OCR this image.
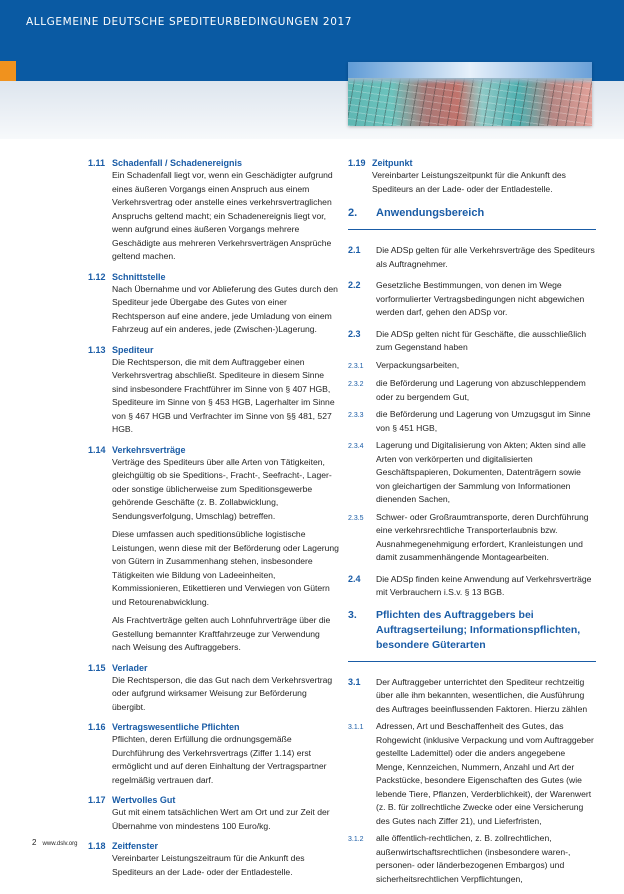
ALLGEMEINE DEUTSCHE SPEDITEURBEDINGUNGEN 2017
1.11 Schadenfall / Schadenereignis

Ein Schadenfall liegt vor, wenn ein Geschädigter aufgrund eines äußeren Vorgangs einen Anspruch aus einem Verkehrsvertrag oder anstelle eines verkehrsvertraglichen Anspruchs geltend macht; ein Schadenereignis liegt vor, wenn aufgrund eines äußeren Vorgangs mehrere Geschädigte aus mehreren Verkehrsverträgen Ansprüche geltend machen.

1.12 Schnittstelle

Nach Übernahme und vor Ablieferung des Gutes durch den Spediteur jede Übergabe des Gutes von einer Rechtsperson auf eine andere, jede Umladung von einem Fahrzeug auf ein anderes, jede (Zwischen-)Lagerung.

1.13 Spediteur

Die Rechtsperson, die mit dem Auftraggeber einen Verkehrsvertrag abschließt. Spediteure in diesem Sinne sind insbesondere Frachtführer im Sinne von § 407 HGB, Spediteure im Sinne von § 453 HGB, Lagerhalter im Sinne von § 467 HGB und Verfrachter im Sinne von §§ 481, 527 HGB.

1.14 Verkehrsverträge

Verträge des Spediteurs über alle Arten von Tätigkeiten, gleichgültig ob sie Speditions-, Fracht-, Seefracht-, Lager- oder sonstige üblicherweise zum Speditionsgewerbe gehörende Geschäfte (z. B. Zollabwicklung, Sendungsverfolgung, Umschlag) betreffen.

Diese umfassen auch speditionsübliche logistische Leistungen, wenn diese mit der Beförderung oder Lagerung von Gütern in Zusammenhang stehen, insbesondere Tätigkeiten wie Bildung von Ladeeinheiten, Kommissionieren, Etikettieren und Verwiegen von Gütern und Retourenabwicklung.

Als Frachtverträge gelten auch Lohnfuhrverträge über die Gestellung bemannter Kraftfahrzeuge zur Verwendung nach Weisung des Auftraggebers.

1.15 Verlader

Die Rechtsperson, die das Gut nach dem Verkehrsvertrag oder aufgrund wirksamer Weisung zur Beförderung übergibt.

1.16 Vertragswesentliche Pflichten

Pflichten, deren Erfüllung die ordnungsgemäße Durchführung des Verkehrsvertrags (Ziffer 1.14) erst ermöglicht und auf deren Einhaltung der Vertragspartner regelmäßig vertrauen darf.

1.17 Wertvolles Gut

Gut mit einem tatsächlichen Wert am Ort und zur Zeit der Übernahme von mindestens 100 Euro/kg.

1.18 Zeitfenster

Vereinbarter Leistungszeitraum für die Ankunft des Spediteurs an der Lade- oder der Entladestelle.

1.19 Zeitpunkt
Vereinbarter Leistungszeitpunkt für die Ankunft des Spediteurs an der Lade- oder der Entladestelle.
2.	Anwendungsbereich
2.1	Die ADSp gelten für alle Verkehrsverträge des Spediteurs als Auftragnehmer.
2.2	Gesetzliche Bestimmungen, von denen im Wege vorformulierter Vertragsbedingungen nicht abgewichen werden darf, gehen den ADSp vor.
2.3	Die ADSp gelten nicht für Geschäfte, die ausschließlich zum Gegenstand haben
2.3.1	Verpackungsarbeiten,
2.3.2	die Beförderung und Lagerung von abzuschleppendem oder zu bergendem Gut,
2.3.3	die Beförderung und Lagerung von Umzugsgut im Sinne von § 451 HGB,
2.3.4	Lagerung und Digitalisierung von Akten; Akten sind alle Arten von verkörperten und digitalisierten Geschäftspapieren, Dokumenten, Datenträgern sowie von gleichartigen der Sammlung von Informationen dienenden Sachen,
2.3.5	Schwer- oder Großraumtransporte, deren Durchführung eine verkehrsrechtliche Transporterlaubnis bzw. Ausnahmegenehmigung erfordert, Kranleistungen und damit zusammenhängende Montagearbeiten.
2.4	Die ADSp finden keine Anwendung auf Verkehrsverträge mit Verbrauchern i.S.v. § 13 BGB.
3.	Pflichten des Auftraggebers bei Auftragserteilung; Informationspflichten, besondere Güterarten
3.1	Der Auftraggeber unterrichtet den Spediteur rechtzeitig über alle ihm bekannten, wesentlichen, die Ausführung des Auftrages beeinflussenden Faktoren. Hierzu zählen
3.1.1	Adressen, Art und Beschaffenheit des Gutes, das Rohgewicht (inklusive Verpackung und vom Auftraggeber gestellte Lademittel) oder die anders angegebene Menge, Kennzeichen, Nummern, Anzahl und Art der Packstücke, besondere Eigenschaften des Gutes (wie lebende Tiere, Pflanzen, Verderblichkeit), der Warenwert (z. B. für zollrechtliche Zwecke oder eine Versicherung des Gutes nach Ziffer 21), und Lieferfristen,
3.1.2	alle öffentlich-rechtlichen, z. B. zollrechtlichen, außenwirtschaftsrechtlichen (insbesondere waren-, personen- oder länderbezogenen Embargos) und sicherheitsrechtlichen Verpflichtungen,
2 www.dslv.org
